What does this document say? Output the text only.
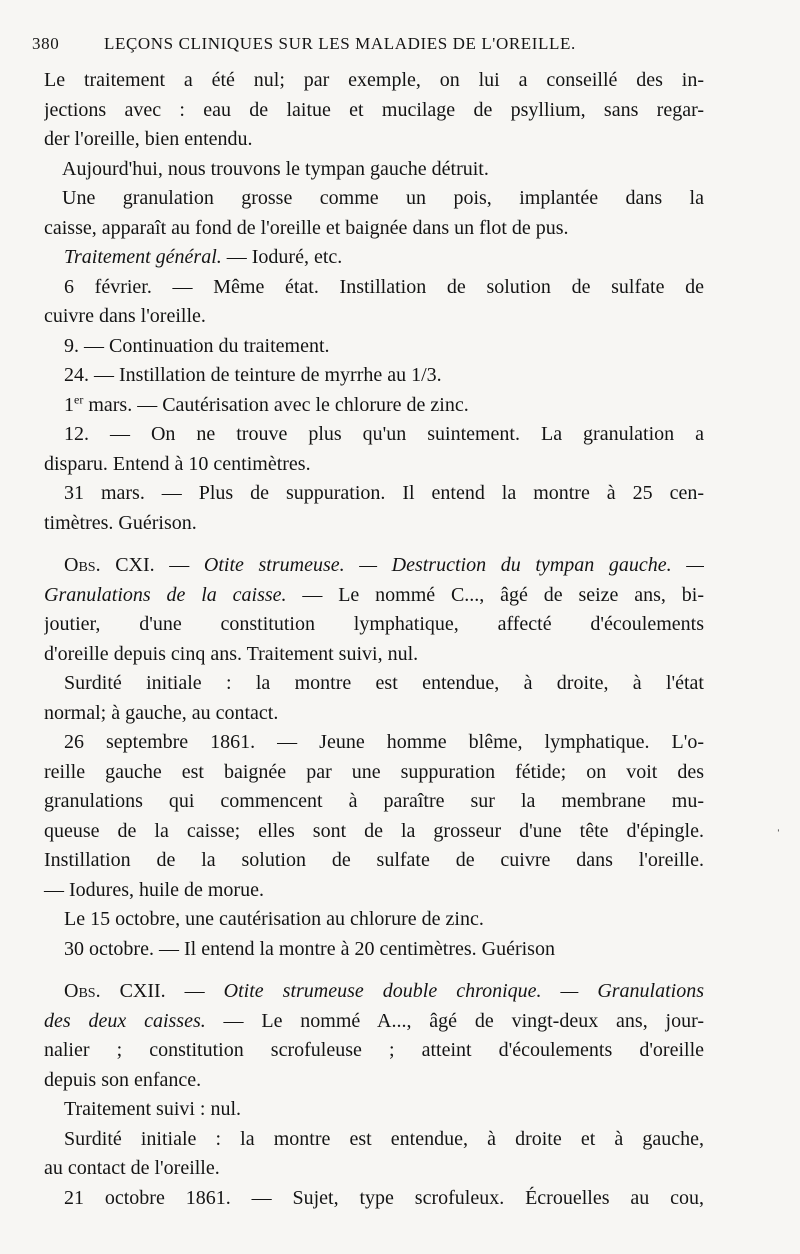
380	LEÇONS CLINIQUES SUR LES MALADIES DE L'OREILLE.
Le traitement a été nul; par exemple, on lui a conseillé des in-
jections avec : eau de laitue et mucilage de psyllium, sans regar-
der l'oreille, bien entendu.
Aujourd'hui, nous trouvons le tympan gauche détruit.
Une granulation grosse comme un pois, implantée dans la
caisse, apparaît au fond de l'oreille et baignée dans un flot de pus.
Traitement général. — Ioduré, etc.
6 février. — Même état. Instillation de solution de sulfate de
cuivre dans l'oreille.
9. — Continuation du traitement.
24. — Instillation de teinture de myrrhe au 1/3.
1er mars. — Cautérisation avec le chlorure de zinc.
12. — On ne trouve plus qu'un suintement. La granulation a
disparu. Entend à 10 centimètres.
31 mars. — Plus de suppuration. Il entend la montre à 25 cen-
timètres. Guérison.
Obs. CXI. — Otite strumeuse. — Destruction du tympan gauche. —
Granulations de la caisse. — Le nommé C..., âgé de seize ans, bi-
joutier, d'une constitution lymphatique, affecté d'écoulements
d'oreille depuis cinq ans. Traitement suivi, nul.
Surdité initiale : la montre est entendue, à droite, à l'état
normal; à gauche, au contact.
26 septembre 1861. — Jeune homme blême, lymphatique. L'o-
reille gauche est baignée par une suppuration fétide; on voit des
granulations qui commencent à paraître sur la membrane mu-
queuse de la caisse; elles sont de la grosseur d'une tête d'épingle.
Instillation de la solution de sulfate de cuivre dans l'oreille.
— Iodures, huile de morue.
Le 15 octobre, une cautérisation au chlorure de zinc.
30 octobre. — Il entend la montre à 20 centimètres. Guérison
Obs. CXII. — Otite strumeuse double chronique. — Granulations
des deux caisses. — Le nommé A..., âgé de vingt-deux ans, jour-
nalier ; constitution scrofuleuse ; atteint d'écoulements d'oreille
depuis son enfance.
Traitement suivi : nul.
Surdité initiale : la montre est entendue, à droite et à gauche,
au contact de l'oreille.
21 octobre 1861. — Sujet, type scrofuleux. Écrouelles au cou,
ˈ
